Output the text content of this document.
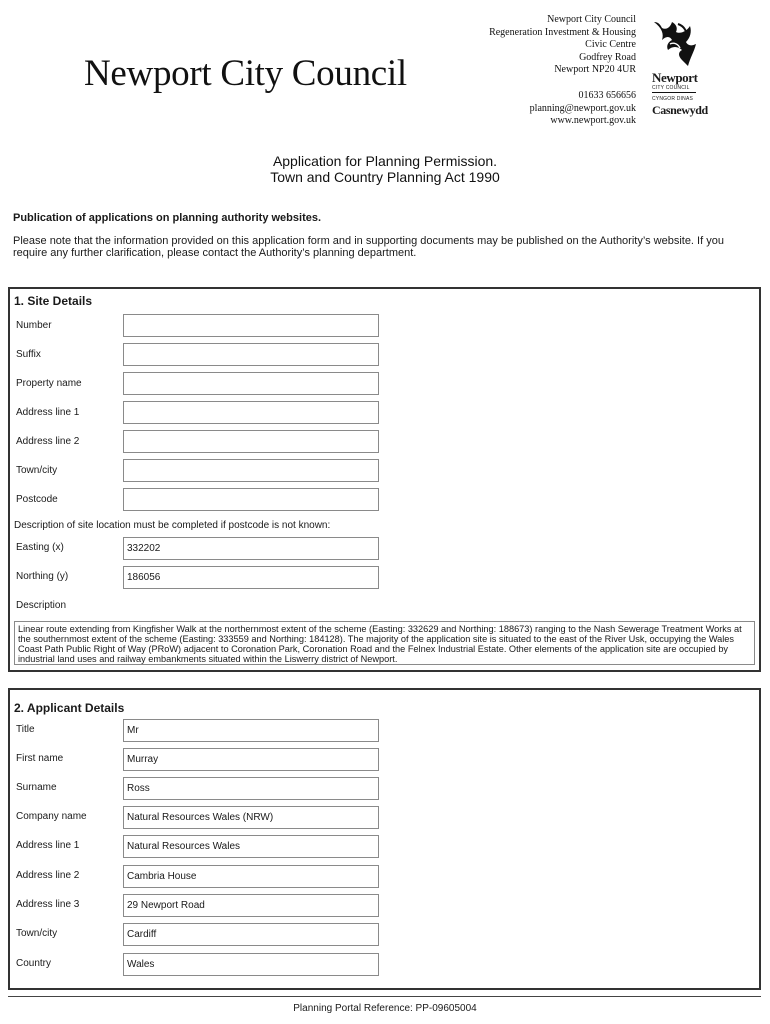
Newport City Council
Newport City Council
Regeneration Investment & Housing
Civic Centre
Godfrey Road
Newport NP20 4UR
01633 656656
planning@newport.gov.uk
www.newport.gov.uk
Newport
CITY COUNCIL
CYNGOR DINAS
Casnewydd
Application for Planning Permission.
Town and Country Planning Act 1990
Publication of applications on planning authority websites.
Please note that the information provided on this application form and in supporting documents may be published on the Authority’s website. If you require any further clarification, please contact the Authority’s planning department.
1. Site Details
Number
Suffix
Property name
Address line 1
Address line 2
Town/city
Postcode
Description of site location must be completed if postcode is not known:
Easting (x)	332202
Northing (y)	186056
Description
Linear route extending from Kingfisher Walk at the northernmost extent of the scheme (Easting: 332629 and Northing: 188673) ranging to the Nash Sewerage Treatment Works at the southernmost extent of the scheme (Easting: 333559 and Northing: 184128). The majority of the application site is situated to the east of the River Usk, occupying the Wales Coast Path Public Right of Way (PRoW) adjacent to Coronation Park, Coronation Road and the Felnex Industrial Estate. Other elements of the application site are occupied by industrial land uses and railway embankments situated within the Liswerry district of Newport.
2. Applicant Details
Title	Mr
First name	Murray
Surname	Ross
Company name	Natural Resources Wales (NRW)
Address line 1	Natural Resources Wales
Address line 2	Cambria House
Address line 3	29 Newport Road
Town/city	Cardiff
Country	Wales
Planning Portal Reference: PP-09605004
